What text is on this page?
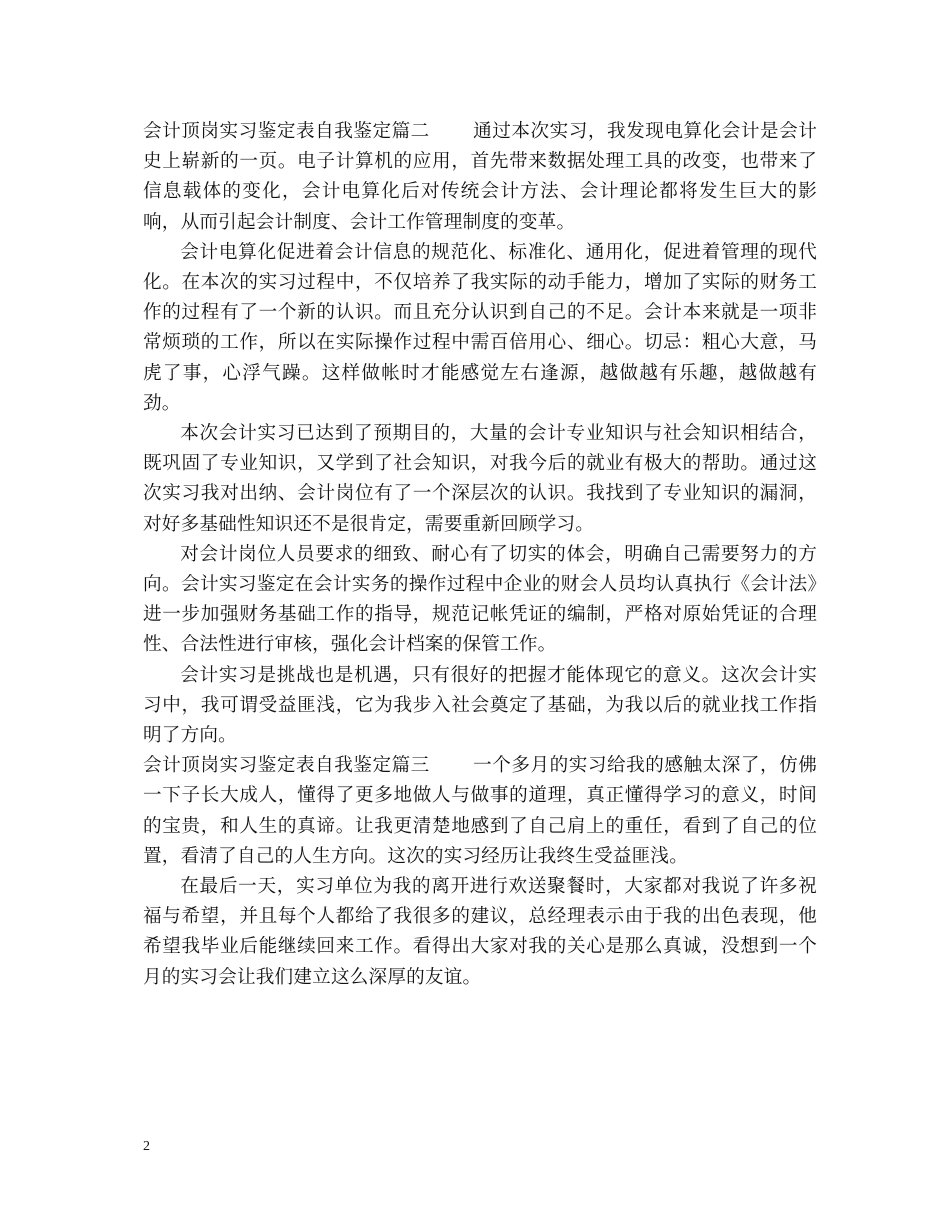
会计顶岗实习鉴定表自我鉴定篇二 通过本次实习，我发现电算化会计是会计史上崭新的一页。电子计算机的应用，首先带来数据处理工具的改变，也带来了信息载体的变化，会计电算化后对传统会计方法、会计理论都将发生巨大的影响，从而引起会计制度、会计工作管理制度的变革。

会计电算化促进着会计信息的规范化、标准化、通用化，促进着管理的现代化。在本次的实习过程中，不仅培养了我实际的动手能力，增加了实际的财务工作的过程有了一个新的认识。而且充分认识到自己的不足。会计本来就是一项非常烦琐的工作，所以在实际操作过程中需百倍用心、细心。切忌：粗心大意，马虎了事，心浮气躁。这样做帐时才能感觉左右逢源，越做越有乐趣，越做越有劲。

本次会计实习已达到了预期目的，大量的会计专业知识与社会知识相结合，既巩固了专业知识，又学到了社会知识，对我今后的就业有极大的帮助。通过这次实习我对出纳、会计岗位有了一个深层次的认识。我找到了专业知识的漏洞，对好多基础性知识还不是很肯定，需要重新回顾学习。

对会计岗位人员要求的细致、耐心有了切实的体会，明确自己需要努力的方向。会计实习鉴定在会计实务的操作过程中企业的财会人员均认真执行《会计法》进一步加强财务基础工作的指导，规范记帐凭证的编制，严格对原始凭证的合理性、合法性进行审核，强化会计档案的保管工作。

会计实习是挑战也是机遇，只有很好的把握才能体现它的意义。这次会计实习中，我可谓受益匪浅，它为我步入社会奠定了基础，为我以后的就业找工作指明了方向。

会计顶岗实习鉴定表自我鉴定篇三 一个多月的实习给我的感触太深了，仿佛一下子长大成人，懂得了更多地做人与做事的道理，真正懂得学习的意义，时间的宝贵，和人生的真谛。让我更清楚地感到了自己肩上的重任，看到了自己的位置，看清了自己的人生方向。这次的实习经历让我终生受益匪浅。

在最后一天，实习单位为我的离开进行欢送聚餐时，大家都对我说了许多祝福与希望，并且每个人都给了我很多的建议，总经理表示由于我的出色表现，他希望我毕业后能继续回来工作。看得出大家对我的关心是那么真诚，没想到一个月的实习会让我们建立这么深厚的友谊。

2
